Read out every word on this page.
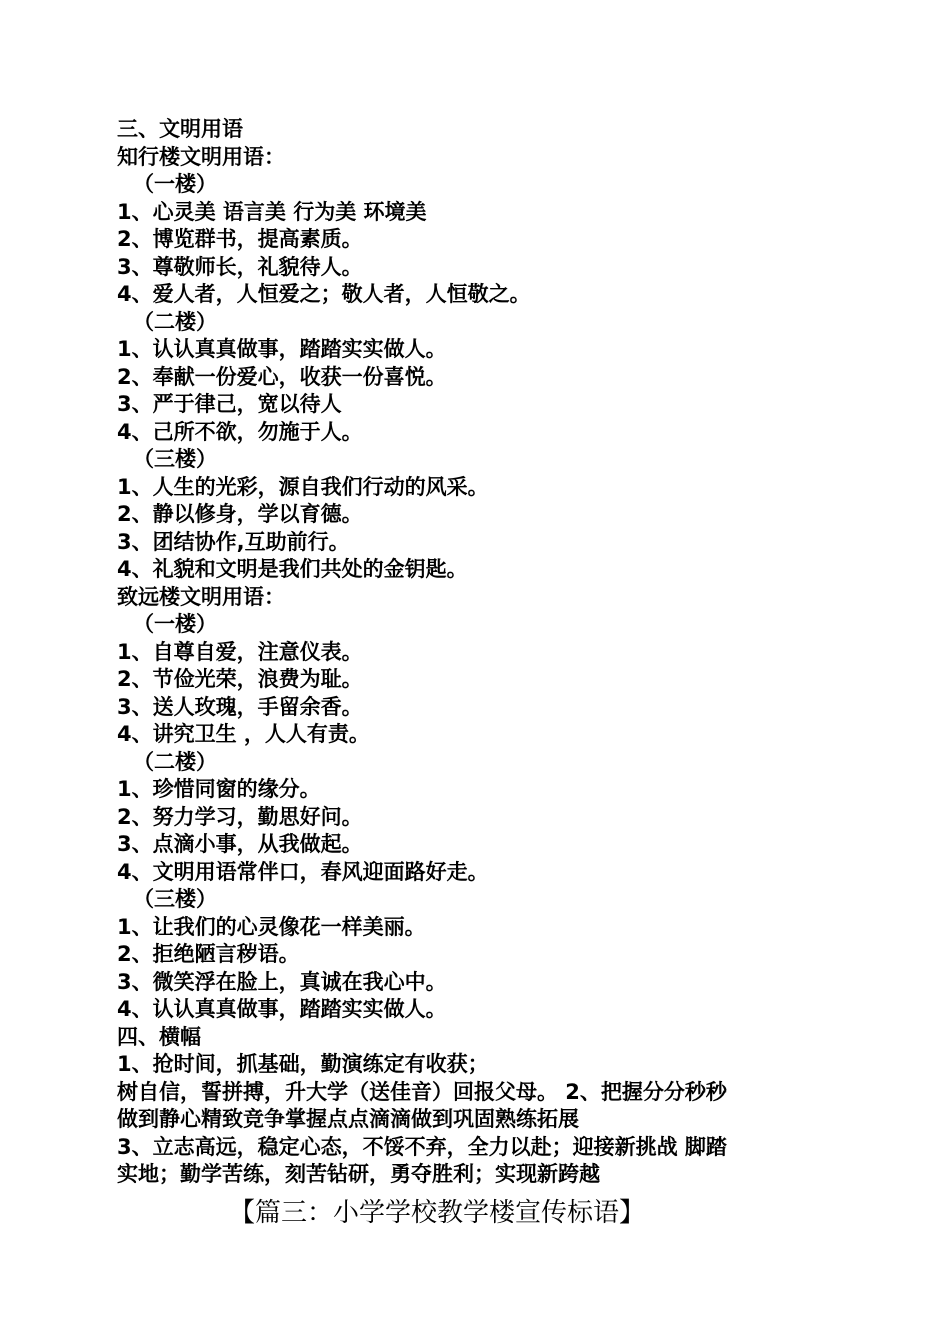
三、文明用语
知行楼文明用语：
（一楼）
1、心灵美 语言美 行为美 环境美
2、博览群书，提高素质。
3、尊敬师长，礼貌待人。
4、爱人者，人恒爱之；敬人者，人恒敬之。
（二楼）
1、认认真真做事，踏踏实实做人。
2、奉献一份爱心，收获一份喜悦。
3、严于律己，宽以待人
4、己所不欲，勿施于人。
（三楼）
1、人生的光彩，源自我们行动的风采。
2、静以修身，学以育德。
3、团结协作,互助前行。
4、礼貌和文明是我们共处的金钥匙。
致远楼文明用语：
（一楼）
1、自尊自爱，注意仪表。
2、节俭光荣，浪费为耻。
3、送人玫瑰，手留余香。
4、讲究卫生 ，人人有责。
（二楼）
1、珍惜同窗的缘分。
2、努力学习，勤思好问。
3、点滴小事，从我做起。
4、文明用语常伴口，春风迎面路好走。
（三楼）
1、让我们的心灵像花一样美丽。
2、拒绝陋言秽语。
3、微笑浮在脸上，真诚在我心中。
4、认认真真做事，踏踏实实做人。
四、横幅
1、抢时间，抓基础，勤演练定有收获；
树自信，誓拼搏，升大学（送佳音）回报父母。 2、把握分分秒秒
做到静心精致竞争掌握点点滴滴做到巩固熟练拓展
3、立志高远，稳定心态，不馁不弃，全力以赴；迎接新挑战 脚踏
实地；勤学苦练，刻苦钻研，勇夺胜利；实现新跨越
【篇三：小学学校教学楼宣传标语】
